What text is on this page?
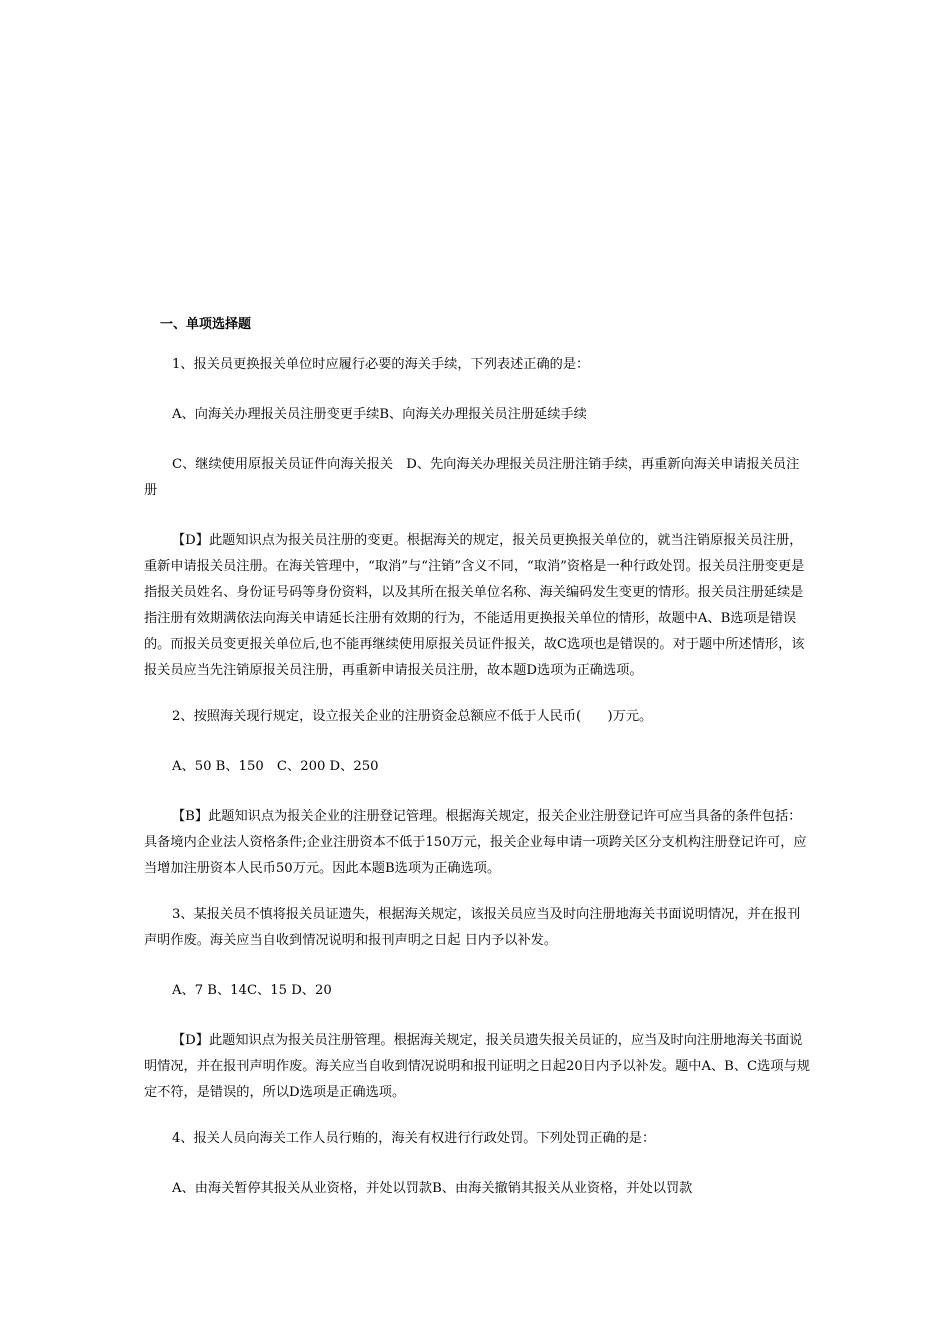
一、单项选择题

1、报关员更换报关单位时应履行必要的海关手续，下列表述正确的是：

A、向海关办理报关员注册变更手续B、向海关办理报关员注册延续手续

C、继续使用原报关员证件向海关报关　D、先向海关办理报关员注册注销手续，再重新向海关申请报关员注册

【D】此题知识点为报关员注册的变更。根据海关的规定，报关员更换报关单位的，就当注销原报关员注册，重新申请报关员注册。在海关管理中，“取消”与“注销”含义不同，“取消”资格是一种行政处罚。报关员注册变更是指报关员姓名、身份证号码等身份资料，以及其所在报关单位名称、海关编码发生变更的情形。报关员注册延续是指注册有效期满依法向海关申请延长注册有效期的行为，不能适用更换报关单位的情形，故题中A、B选项是错误的。而报关员变更报关单位后,也不能再继续使用原报关员证件报关，故C选项也是错误的。对于题中所述情形，该报关员应当先注销原报关员注册，再重新申请报关员注册，故本题D选项为正确选项。

2、按照海关现行规定，设立报关企业的注册资金总额应不低于人民币(　　)万元。

A、50 B、150　C、200 D、250

【B】此题知识点为报关企业的注册登记管理。根据海关规定，报关企业注册登记许可应当具备的条件包括：具备境内企业法人资格条件;企业注册资本不低于150万元，报关企业每申请一项跨关区分支机构注册登记许可，应当增加注册资本人民币50万元。因此本题B选项为正确选项。

3、某报关员不慎将报关员证遗失，根据海关规定，该报关员应当及时向注册地海关书面说明情况，并在报刊声明作废。海关应当自收到情况说明和报刊声明之日起 日内予以补发。

A、7 B、14C、15 D、20

【D】此题知识点为报关员注册管理。根据海关规定，报关员遗失报关员证的，应当及时向注册地海关书面说明情况，并在报刊声明作废。海关应当自收到情况说明和报刊证明之日起20日内予以补发。题中A、B、C选项与规定不符，是错误的，所以D选项是正确选项。

4、报关人员向海关工作人员行贿的，海关有权进行行政处罚。下列处罚正确的是：

A、由海关暂停其报关从业资格，并处以罚款B、由海关撤销其报关从业资格，并处以罚款
